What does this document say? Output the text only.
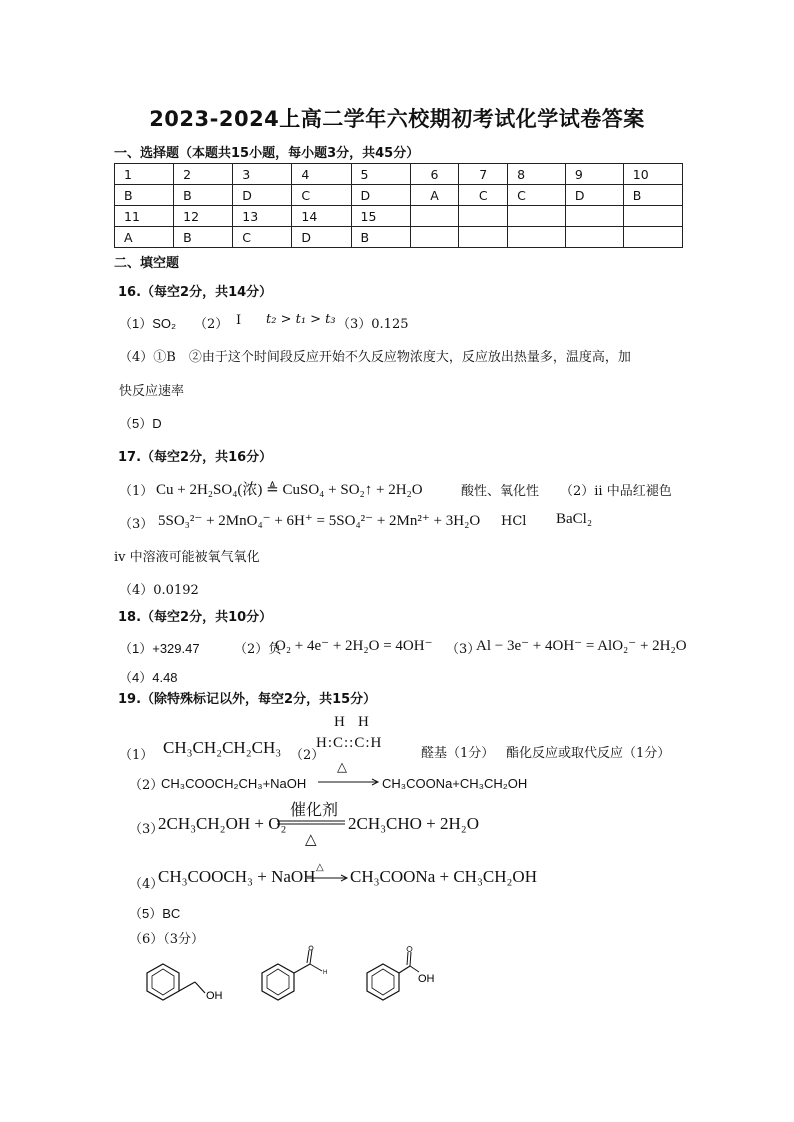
2023-2024上高二学年六校期初考试化学试卷答案
一、选择题（本题共15小题，每小题3分，共45分）
1	2	3	4	5	6	7	8	9	10
B	B	D	C	D	A	C	C	D	B
11	12	13	14	15					
A	B	C	D	B					
二、填空题
16.（每空2分，共14分）
（1）SO₂ （2） I t₂ > t₁ > t₃ （3）0.125
（4）①B　②由于这个时间段反应开始不久反应物浓度大，反应放出热量多，温度高，加
快反应速率
（5）D
17.（每空2分，共16分）
（1） Cu + 2H₂SO₄(浓) ≜ CuSO₄ + SO₂↑ + 2H₂O	酸性、氧化性 （2）ii 中品红褪色
（3） 5SO₃²⁻ + 2MnO₄⁻ + 6H⁺ = 5SO₄²⁻ + 2Mn²⁺ + 3H₂O HCl BaCl₂
iv 中溶液可能被氧气氧化
（4）0.0192
18.（每空2分，共10分）
（1）+329.47	（2）负
O₂ + 4e⁻ + 2H₂O = 4OH⁻ （3）
Al − 3e⁻ + 4OH⁻ = AlO₂⁻ + 2H₂O
（4）4.48
19.（除特殊标记以外，每空2分，共15分）
（1） CH₃CH₂CH₂CH₃ （2）
H H
H:C::C:H
醛基（1分） 酯化反应或取代反应（1分）
（2）
CH₃COOCH₂CH₃+NaOH
△
CH₃COONa+CH₃CH₂OH
（3）
2CH₃CH₂OH + O₂
催化剂
△
2CH₃CHO + 2H₂O
（4）
CH₃COOCH₃ + NaOH △ CH₃COONa + CH₃CH₂OH
（5）BC
（6）（3分）
OH
H	OH
